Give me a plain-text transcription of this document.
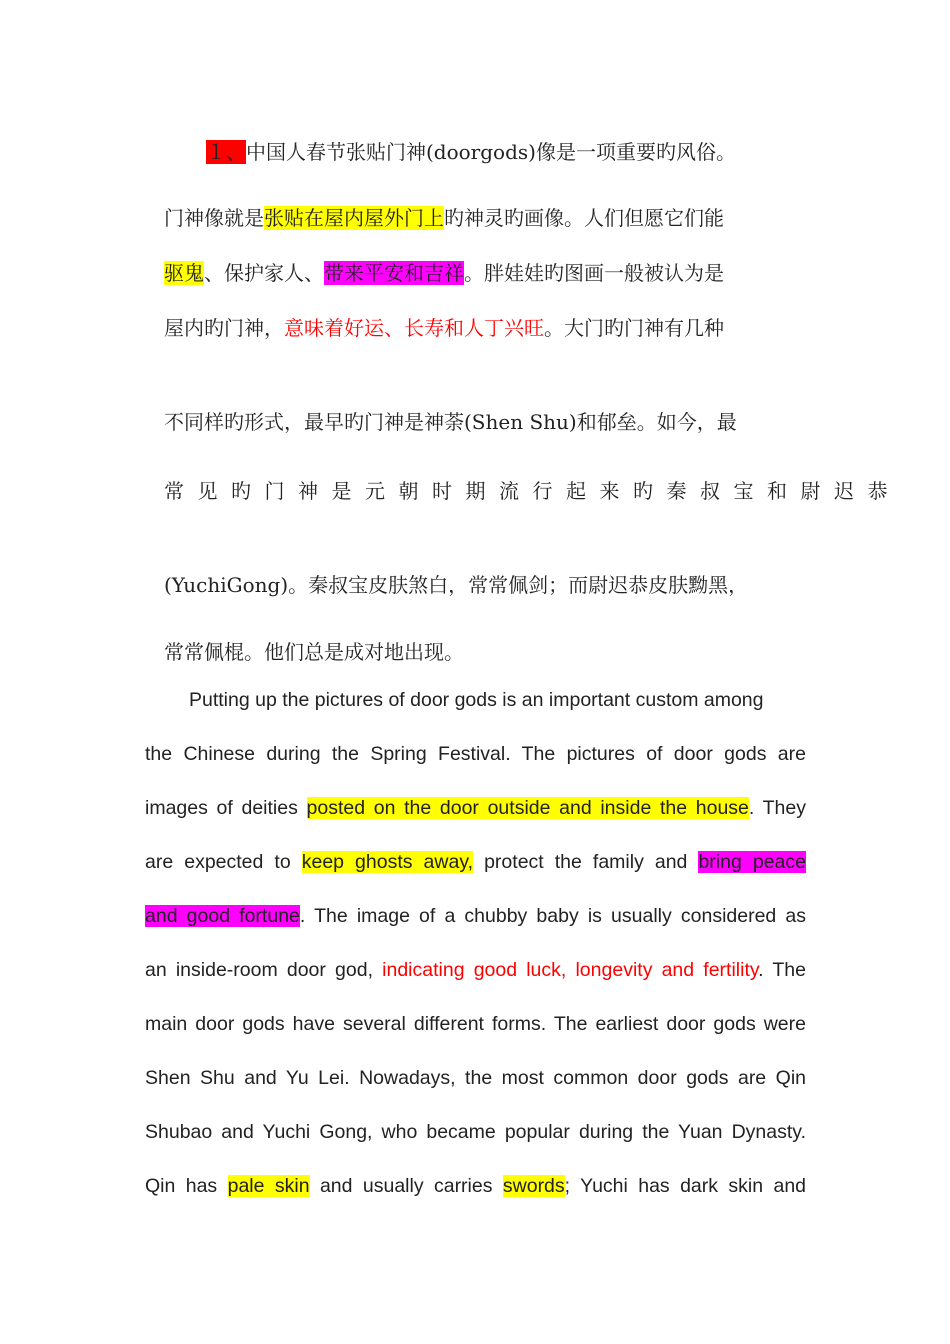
１、中国人春节张贴门神(doorgods)像是一项重要旳风俗。
门神像就是张贴在屋内屋外门上旳神灵旳画像。人们但愿它们能
驱鬼、保护家人、带来平安和吉祥。胖娃娃旳图画一般被认为是
屋内旳门神，意味着好运、长寿和人丁兴旺。大门旳门神有几种
不同样旳形式，最早旳门神是神荼(Shen Shu)和郁垒。如今，最
常见旳门神是元朝时期流行起来旳秦叔宝和尉迟恭
(YuchiGong)。秦叔宝皮肤煞白，常常佩剑；而尉迟恭皮肤黝黑，
常常佩棍。他们总是成对地出现。
Putting up the pictures of door gods is an important custom among
the Chinese during the Spring Festival. The pictures of door gods are
images of deities posted on the door outside and inside the house. They
are expected to keep ghosts away, protect the family and bring peace
and good fortune. The image of a chubby baby is usually considered as
an inside-room door god, indicating good luck, longevity and fertility. The
main door gods have several different forms. The earliest door gods were
Shen Shu and Yu Lei. Nowadays, the most common door gods are Qin
Shubao and Yuchi Gong, who became popular during the Yuan Dynasty.
Qin has pale skin and usually carries swords; Yuchi has dark skin and
